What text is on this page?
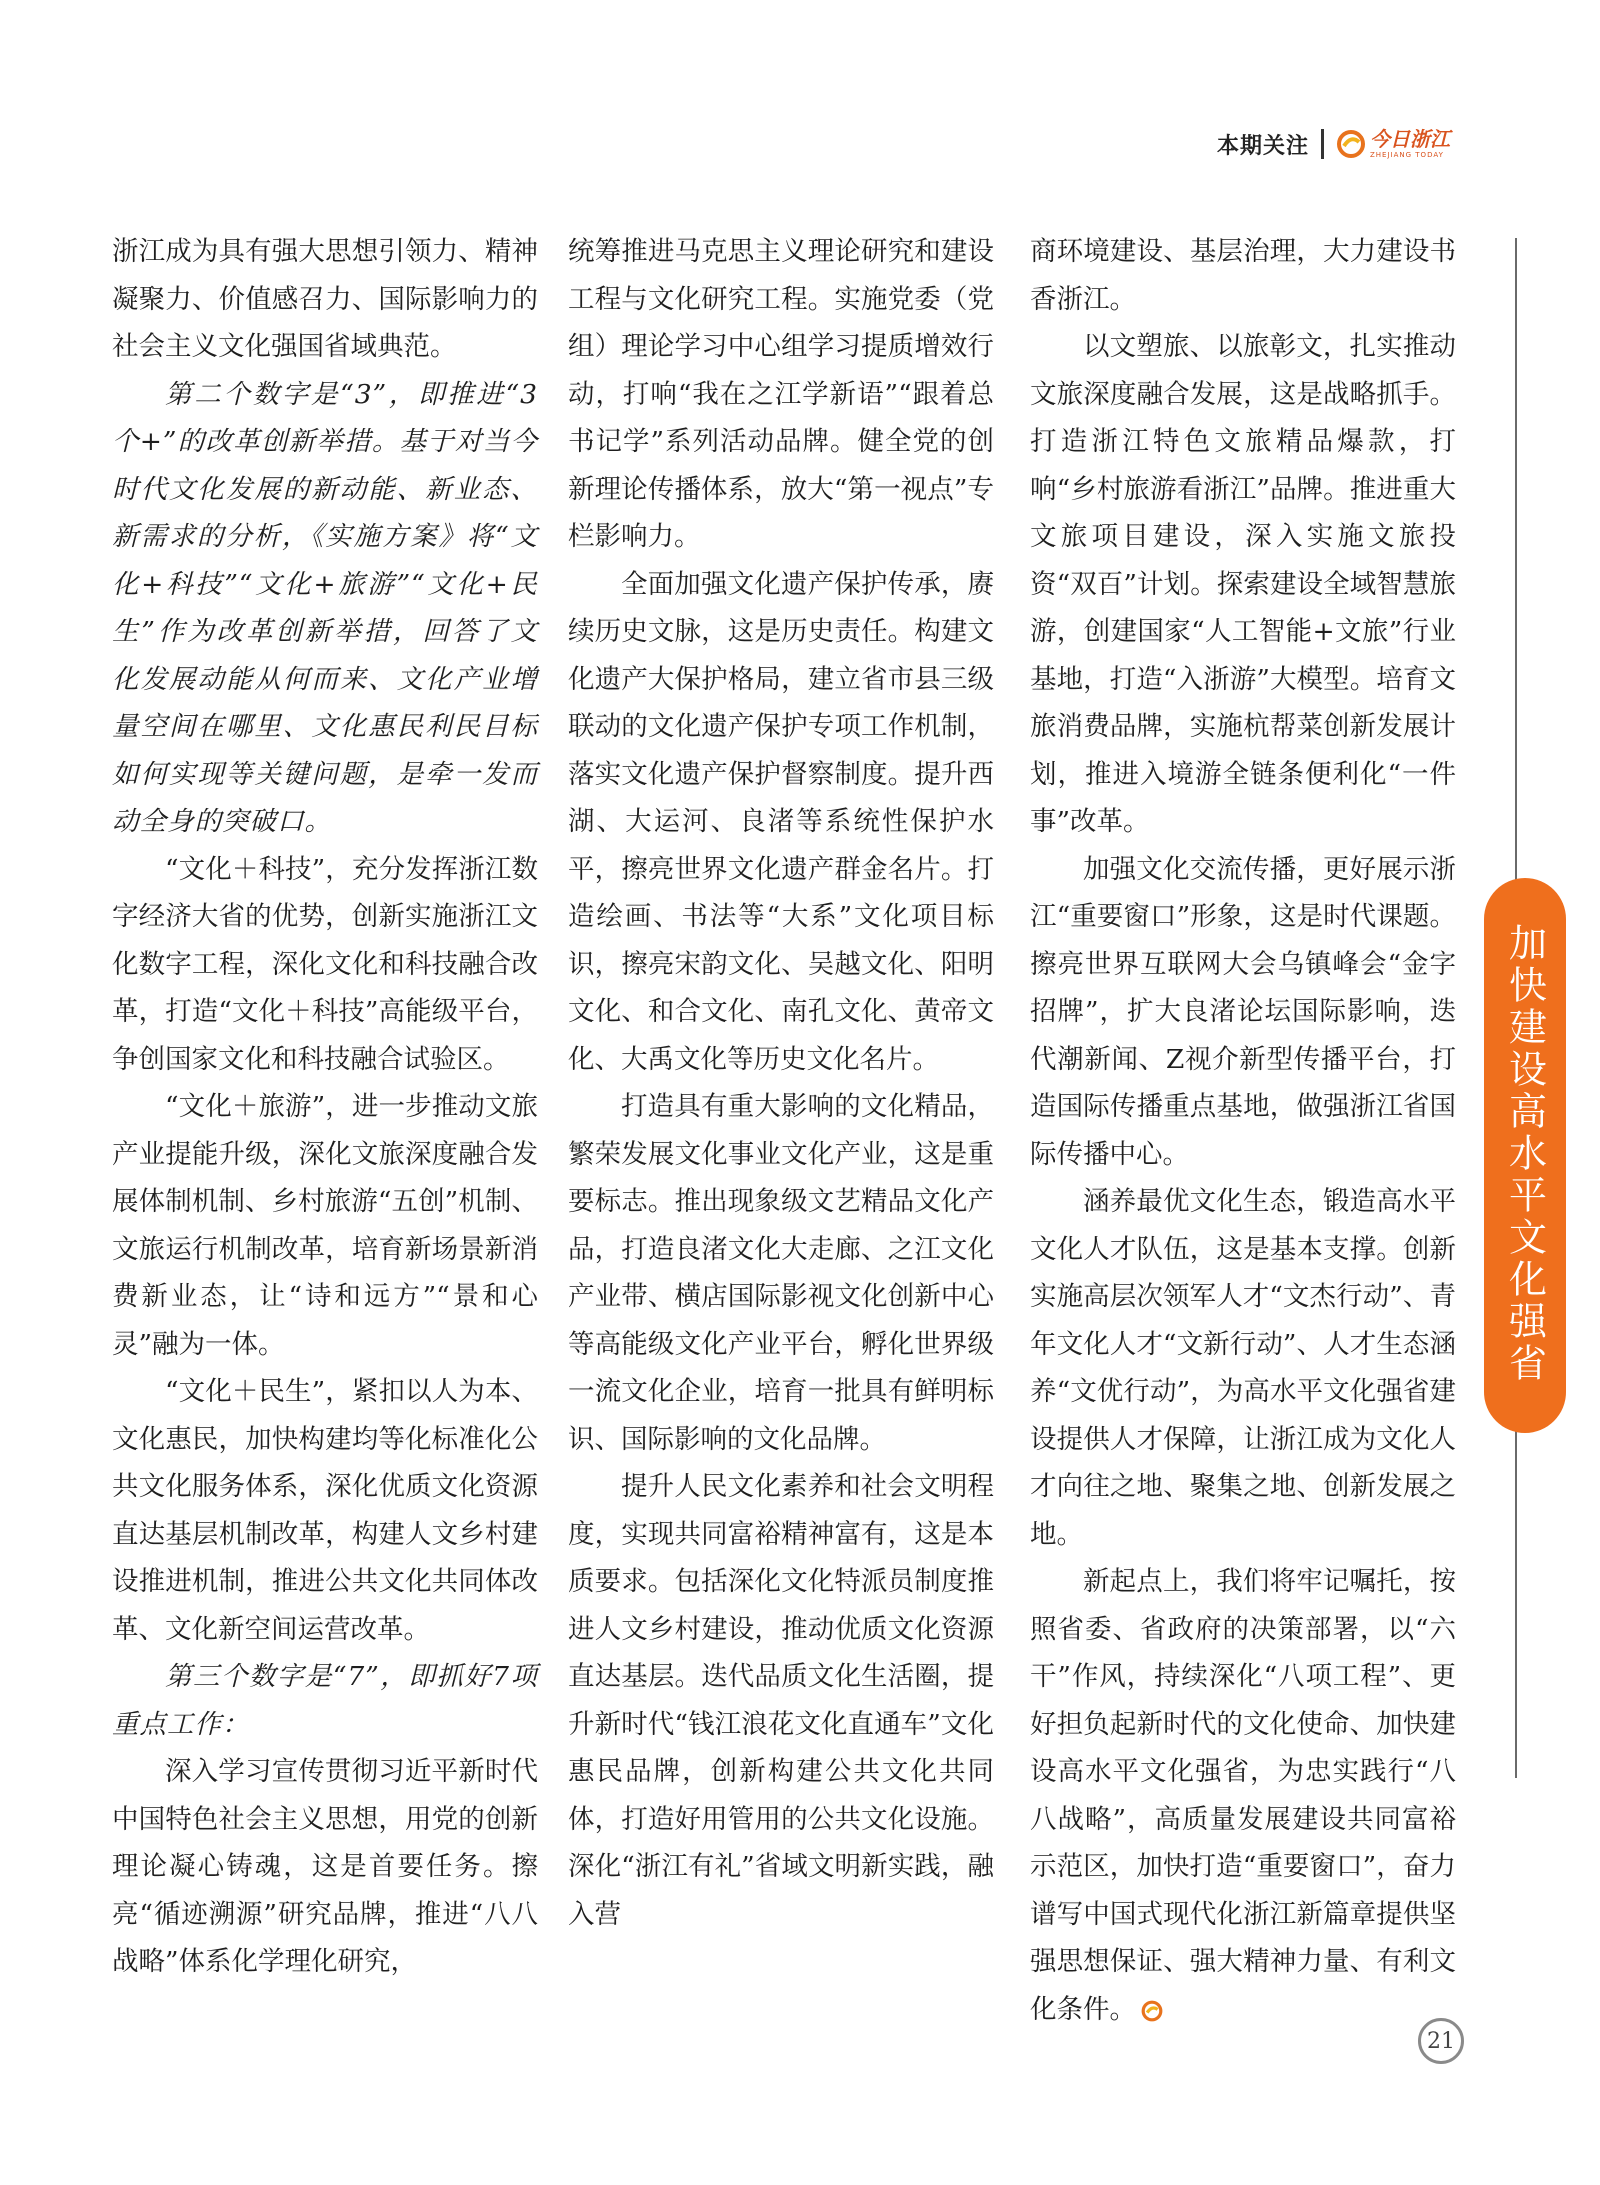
本期关注	今日浙江
ZHEJIANG TODAY

浙江成为具有强大思想引领力、精神凝聚力、价值感召力、国际影响力的社会主义文化强国省域典范。

第二个数字是“3”，即推进“3个+”的改革创新举措。基于对当今时代文化发展的新动能、新业态、新需求的分析，《实施方案》将“文化+科技”“文化+旅游”“文化+民生”作为改革创新举措，回答了文化发展动能从何而来、文化产业增量空间在哪里、文化惠民利民目标如何实现等关键问题，是牵一发而动全身的突破口。

“文化＋科技”，充分发挥浙江数字经济大省的优势，创新实施浙江文化数字工程，深化文化和科技融合改革，打造“文化＋科技”高能级平台，争创国家文化和科技融合试验区。

“文化＋旅游”，进一步推动文旅产业提能升级，深化文旅深度融合发展体制机制、乡村旅游“五创”机制、文旅运行机制改革，培育新场景新消费新业态，让“诗和远方”“景和心灵”融为一体。

“文化＋民生”，紧扣以人为本、文化惠民，加快构建均等化标准化公共文化服务体系，深化优质文化资源直达基层机制改革，构建人文乡村建设推进机制，推进公共文化共同体改革、文化新空间运营改革。

第三个数字是“7”，即抓好7项重点工作：

深入学习宣传贯彻习近平新时代中国特色社会主义思想，用党的创新理论凝心铸魂，这是首要任务。擦亮“循迹溯源”研究品牌，推进“八八战略”体系化学理化研究，

统筹推进马克思主义理论研究和建设工程与文化研究工程。实施党委（党组）理论学习中心组学习提质增效行动，打响“我在之江学新语”“跟着总书记学”系列活动品牌。健全党的创新理论传播体系，放大“第一视点”专栏影响力。

全面加强文化遗产保护传承，赓续历史文脉，这是历史责任。构建文化遗产大保护格局，建立省市县三级联动的文化遗产保护专项工作机制，落实文化遗产保护督察制度。提升西湖、大运河、良渚等系统性保护水平，擦亮世界文化遗产群金名片。打造绘画、书法等“大系”文化项目标识，擦亮宋韵文化、吴越文化、阳明文化、和合文化、南孔文化、黄帝文化、大禹文化等历史文化名片。

打造具有重大影响的文化精品，繁荣发展文化事业文化产业，这是重要标志。推出现象级文艺精品文化产品，打造良渚文化大走廊、之江文化产业带、横店国际影视文化创新中心等高能级文化产业平台，孵化世界级一流文化企业，培育一批具有鲜明标识、国际影响的文化品牌。

提升人民文化素养和社会文明程度，实现共同富裕精神富有，这是本质要求。包括深化文化特派员制度推进人文乡村建设，推动优质文化资源直达基层。迭代品质文化生活圈，提升新时代“钱江浪花文化直通车”文化惠民品牌，创新构建公共文化共同体，打造好用管用的公共文化设施。深化“浙江有礼”省域文明新实践，融入营

商环境建设、基层治理，大力建设书香浙江。

以文塑旅、以旅彰文，扎实推动文旅深度融合发展，这是战略抓手。打造浙江特色文旅精品爆款，打响“乡村旅游看浙江”品牌。推进重大文旅项目建设，深入实施文旅投资“双百”计划。探索建设全域智慧旅游，创建国家“人工智能+文旅”行业基地，打造“入浙游”大模型。培育文旅消费品牌，实施杭帮菜创新发展计划，推进入境游全链条便利化“一件事”改革。

加强文化交流传播，更好展示浙江“重要窗口”形象，这是时代课题。擦亮世界互联网大会乌镇峰会“金字招牌”，扩大良渚论坛国际影响，迭代潮新闻、Z视介新型传播平台，打造国际传播重点基地，做强浙江省国际传播中心。

涵养最优文化生态，锻造高水平文化人才队伍，这是基本支撑。创新实施高层次领军人才“文杰行动”、青年文化人才“文新行动”、人才生态涵养“文优行动”，为高水平文化强省建设提供人才保障，让浙江成为文化人才向往之地、聚集之地、创新发展之地。

新起点上，我们将牢记嘱托，按照省委、省政府的决策部署，以“六干”作风，持续深化“八项工程”、更好担负起新时代的文化使命、加快建设高水平文化强省，为忠实践行“八八战略”，高质量发展建设共同富裕示范区，加快打造“重要窗口”，奋力谱写中国式现代化浙江新篇章提供坚强思想保证、强大精神力量、有利文化条件。

加快建设高水平文化强省
21
